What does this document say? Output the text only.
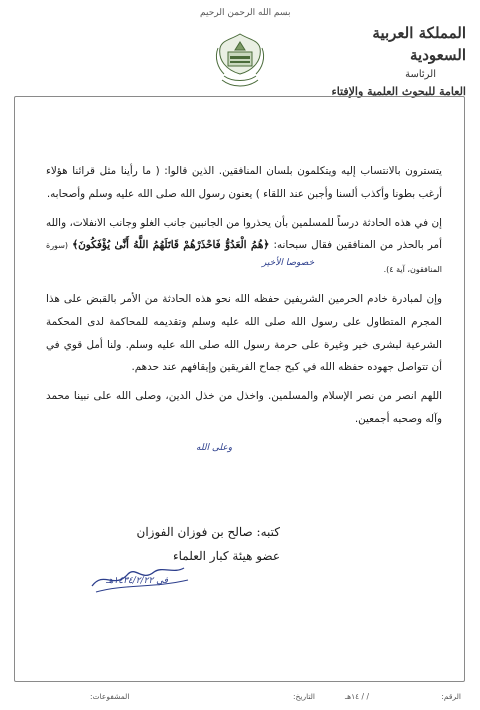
بسم الله الرحمن الرحيم
المملكة العربية السعودية
الرئاسة
العامة للبحوث العلمية والإفتاء

يتسترون بالانتساب إليه ويتكلمون بلسان المنافقين. الذين قالوا: ( ما رأينا مثل قرائنا هؤلاء أرغب بطونا وأكذب ألسنا وأجبن عند اللقاء ) يعنون رسول الله صلى الله عليه وسلم وأصحابه.

إن في هذه الحادثة درساً للمسلمين بأن يحذروا من الجانبين جانب الغلو وجانب الانفلات، والله أمر بالحذر من المنافقين فقال سبحانه: ﴿هُمُ الْعَدُوُّ فَاحْذَرْهُمْ قَاتَلَهُمُ اللَّهُ أَنَّىٰ يُؤْفَكُونَ﴾ (سورة المنافقون، آية ٤).

وإن لمبادرة خادم الحرمين الشريفين حفظه الله نحو هذه الحادثة من الأمر بالقبض على هذا المجرم المتطاول على رسول الله صلى الله عليه وسلم وتقديمه للمحاكمة لدى المحكمة الشرعية لبشرى خير وغيرة على حرمة رسول الله صلى الله عليه وسلم. ولنا أمل قوي في أن تتواصل جهوده حفظه الله في كبح جماح الفريقين وإيقافهم عند حدهم.

اللهم انصر من نصر الإسلام والمسلمين. واخذل من خذل الدين، وصلى الله على نبينا محمد وآله وصحبه أجمعين.

خصوصا الأخير
وعلى الله
كتبه: صالح بن فوزان الفوزان
عضو هيئة كبار العلماء
في ١٤٣٤/٢/٢٢هـ
الرقم:
التاريخ:	/ / ١٤هـ
المشفوعات:
